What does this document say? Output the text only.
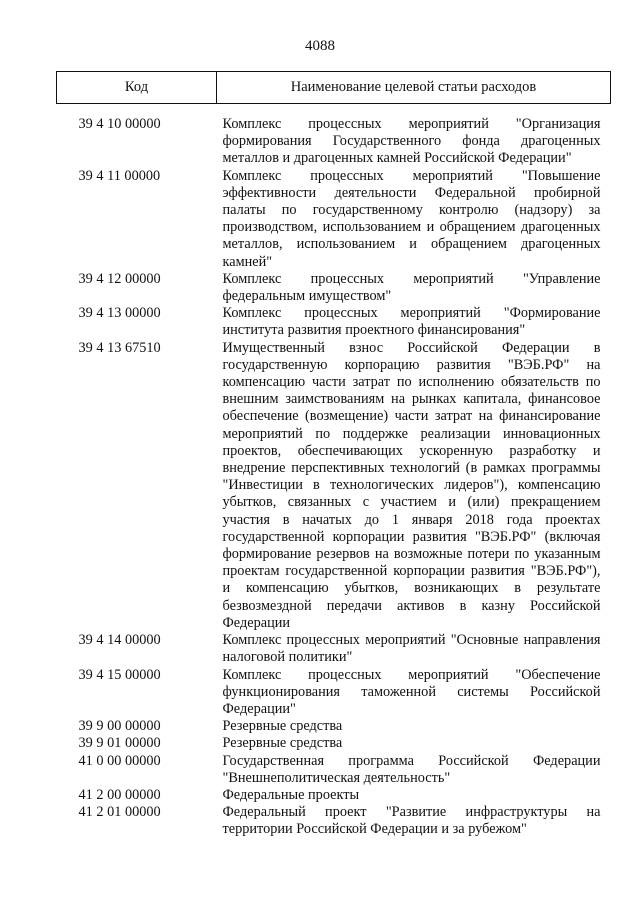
4088
Код	Наименование целевой статьи расходов
39 4 10 00000	Комплекс процессных мероприятий "Организация формирования Государственного фонда драгоценных металлов и драгоценных камней Российской Федерации"
39 4 11 00000	Комплекс процессных мероприятий "Повышение эффективности деятельности Федеральной пробирной палаты по государственному контролю (надзору) за производством, использованием и обращением драгоценных металлов, использованием и обращением драгоценных камней"
39 4 12 00000	Комплекс процессных мероприятий "Управление федеральным имуществом"
39 4 13 00000	Комплекс процессных мероприятий "Формирование института развития проектного финансирования"
39 4 13 67510	Имущественный взнос Российской Федерации в государственную корпорацию развития "ВЭБ.РФ" на компенсацию части затрат по исполнению обязательств по внешним заимствованиям на рынках капитала, финансовое обеспечение (возмещение) части затрат на финансирование мероприятий по поддержке реализации инновационных проектов, обеспечивающих ускоренную разработку и внедрение перспективных технологий (в рамках программы "Инвестиции в технологических лидеров"), компенсацию убытков, связанных с участием и (или) прекращением участия в начатых до 1 января 2018 года проектах государственной корпорации развития "ВЭБ.РФ" (включая формирование резервов на возможные потери по указанным проектам государственной корпорации развития "ВЭБ.РФ"), и компенсацию убытков, возникающих в результате безвозмездной передачи активов в казну Российской Федерации
39 4 14 00000	Комплекс процессных мероприятий "Основные направления налоговой политики"
39 4 15 00000	Комплекс процессных мероприятий "Обеспечение функционирования таможенной системы Российской Федерации"
39 9 00 00000	Резервные средства
39 9 01 00000	Резервные средства
41 0 00 00000	Государственная программа Российской Федерации "Внешнеполитическая деятельность"
41 2 00 00000	Федеральные проекты
41 2 01 00000	Федеральный проект "Развитие инфраструктуры на территории Российской Федерации и за рубежом"
